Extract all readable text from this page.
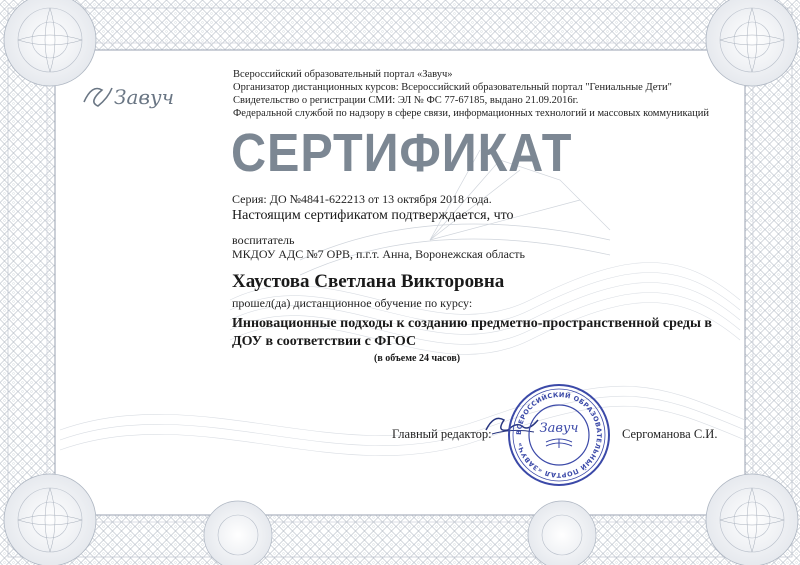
Завуч
Всероссийский образовательный портал «Завуч»
Организатор дистанционных курсов: Всероссийский образовательный портал "Гениальные Дети"
Свидетельство о регистрации СМИ: ЭЛ № ФС 77-67185, выдано 21.09.2016г.
Федеральной службой по надзору в сфере связи, информационных технологий и массовых коммуникаций
СЕРТИФИКАТ
Серия: ДО №4841-622213 от 13 октября 2018 года.
Настоящим сертификатом подтверждается, что
воспитатель
МКДОУ АДС №7 ОРВ, п.г.т. Анна, Воронежская область
Хаустова Светлана Викторовна
прошел(да) дистанционное обучение по курсу:
Инновационные подходы к созданию предметно-пространственной среды в
ДОУ в соответствии с ФГОС
(в объеме 24 часов)
Главный редактор:	Сергоманова С.И.
ВСЕРОССИЙСКИЙ ОБРАЗОВАТЕЛЬНЫЙ ПОРТАЛ «ЗАВУЧ»
Завуч
